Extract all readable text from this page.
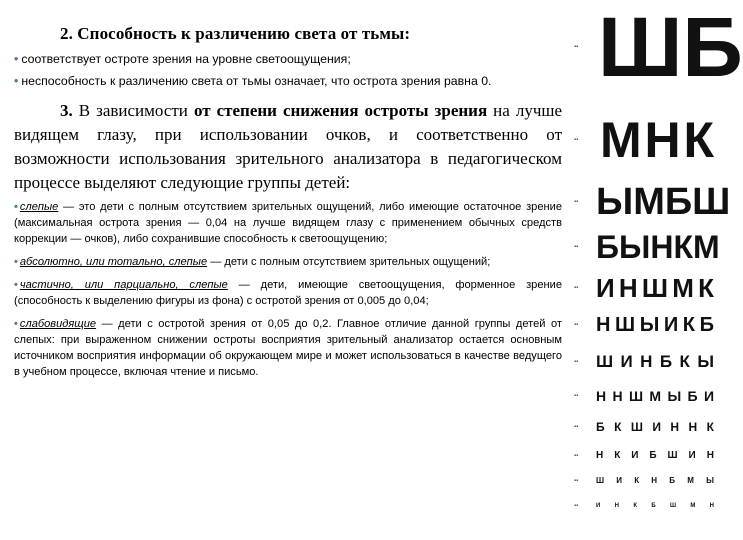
2. Способность к различению света от тьмы:
• соответствует остроте зрения на уровне светоощущения;
• неспособность к различению света от тьмы означает, что острота зрения равна 0.
3. В зависимости от степени снижения остроты зрения на лучше видящем глазу, при использовании очков, и соответственно от возможности использования зрительного анализатора в педагогическом процессе выделяют следующие группы детей:
• слепые — это дети с полным отсутствием зрительных ощущений, либо имеющие остаточное зрение (максимальная острота зрения — 0,04 на лучше видящем глазу с применением обычных средств коррекции — очков), либо сохранившие способность к светоощущению;
• абсолютно, или тотально, слепые — дети с полным отсутствием зрительных ощущений;
• частично, или парциально, слепые — дети, имеющие светоощущения, форменное зрение (способность к выделению фигуры из фона) с остротой зрения от 0,005 до 0,04;
• слабовидящие — дети с остротой зрения от 0,05 до 0,2. Главное отличие данной группы детей от слепых: при выраженном снижении остроты восприятия зрительный анализатор остается основным источником восприятия информации об окружающем мире и может использоваться в качестве ведущего в учебном процессе, включая чтение и письмо.
▪▪ Ш Б
▪▪ М Н К
▪▪ Ы М Б Ш
▪▪ Б Ы Н К М
▪▪ И Н Ш М К
▪▪ Н Ш Ы И К Б
▪▪ Ш И Н Б К Ы
▪▪ Н Н Ш М Ы Б И
▪▪ Б К Ш И Н Н К
▪▪ Н К И Б Ш И Н
▪▪ Ш И К Н Б М Ы
▪▪	И Н К Б Ш М Н
